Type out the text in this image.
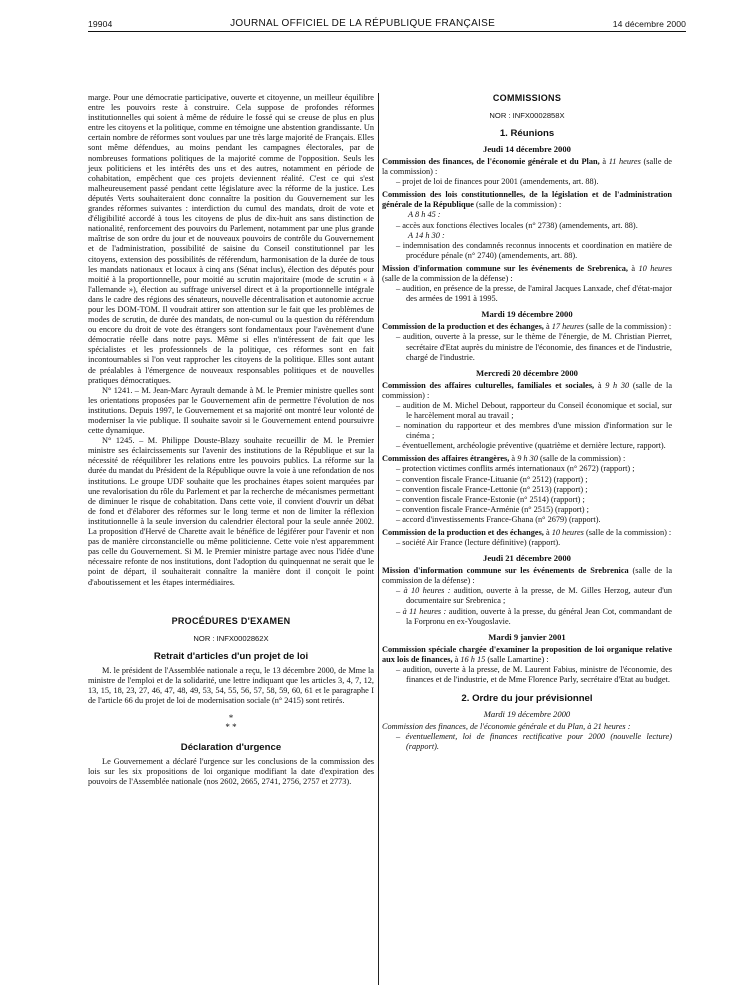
19904	JOURNAL OFFICIEL DE LA RÉPUBLIQUE FRANÇAISE	14 décembre 2000

marge. Pour une démocratie participative, ouverte et citoyenne, un meilleur équilibre entre les pouvoirs reste à construire. Cela suppose de profondes réformes institutionnelles qui soient à même de réduire le fossé qui se creuse de plus en plus entre les citoyens et la politique, comme en témoigne une abstention grandissante. Un certain nombre de réformes sont voulues par une très large majorité de Français. Elles sont même défendues, au moins pendant les campagnes électorales, par de nombreuses formations politiques de la majorité comme de l'opposition. Seuls les jeux politiciens et les intérêts des uns et des autres, notamment en période de cohabitation, empêchent que ces projets deviennent réalité. C'est ce qui s'est malheureusement passé pendant cette législature avec la réforme de la justice. Les députés Verts souhaiteraient donc connaître la position du Gouvernement sur les grandes réformes suivantes : interdiction du cumul des mandats, droit de vote et d'éligibilité accordé à tous les citoyens de plus de dix-huit ans sans distinction de nationalité, renforcement des pouvoirs du Parlement, notamment par une plus grande maîtrise de son ordre du jour et de nouveaux pouvoirs de contrôle du Gouvernement et de l'administration, possibilité de saisine du Conseil constitutionnel par les citoyens, extension des possibilités de référendum, harmonisation de la durée de tous les mandats nationaux et locaux à cinq ans (Sénat inclus), élection des députés pour moitié à la proportionnelle, pour moitié au scrutin majoritaire (mode de scrutin « à l'allemande »), élection au suffrage universel direct et à la proportionnelle intégrale dans le cadre des régions des sénateurs, nouvelle décentralisation et autonomie accrue pour les DOM-TOM. Il voudrait attirer son attention sur le fait que les problèmes de modes de scrutin, de durée des mandats, de non-cumul ou la question du référendum ou encore du droit de vote des étrangers sont fondamentaux pour l'avènement d'une démocratie réelle dans notre pays. Même si elles n'intéressent de fait que les spécialistes et les professionnels de la politique, ces réformes sont en fait incontournables si l'on veut rapprocher les citoyens de la politique. Elles sont autant de préalables à l'émergence de nouveaux responsables politiques et de nouvelles pratiques démocratiques.

N° 1241. – M. Jean-Marc Ayrault demande à M. le Premier ministre quelles sont les orientations proposées par le Gouvernement afin de permettre l'évolution de nos institutions. Depuis 1997, le Gouvernement et sa majorité ont montré leur volonté de moderniser la vie publique. Il souhaite savoir si le Gouvernement entend poursuivre cette dynamique.

N° 1245. – M. Philippe Douste-Blazy souhaite recueillir de M. le Premier ministre ses éclaircissements sur l'avenir des institutions de la République et sur la nécessité de rééquilibrer les relations entre les pouvoirs publics. La réforme sur la durée du mandat du Président de la République ouvre la voie à une refondation de nos institutions. Le groupe UDF souhaite que les prochaines étapes soient marquées par une revalorisation du rôle du Parlement et par la recherche de mécanismes permettant de diminuer le risque de cohabitation. Dans cette voie, il convient d'ouvrir un débat de fond et d'élaborer des réformes sur le long terme et non de limiter la réflexion institutionnelle à la seule inversion du calendrier électoral pour la seule année 2002. La proposition d'Hervé de Charette avait le bénéfice de légiférer pour l'avenir et non pas de manière circonstancielle ou même politicienne. Cette voie n'est apparemment pas celle du Gouvernement. Si M. le Premier ministre partage avec nous l'idée d'une nécessaire refonte de nos institutions, dont l'adoption du quinquennat ne serait que le point de départ, il souhaiterait connaître la manière dont il conçoit le point d'aboutissement et les étapes intermédiaires.

PROCÉDURES D'EXAMEN
NOR : INFX0002862X
Retrait d'articles d'un projet de loi

M. le président de l'Assemblée nationale a reçu, le 13 décembre 2000, de Mme la ministre de l'emploi et de la solidarité, une lettre indiquant que les articles 3, 4, 7, 12, 13, 15, 18, 23, 27, 46, 47, 48, 49, 53, 54, 55, 56, 57, 58, 59, 60, 61 et le paragraphe I de l'article 66 du projet de loi de modernisation sociale (n° 2415) sont retirés.

*
* *
Déclaration d'urgence

Le Gouvernement a déclaré l'urgence sur les conclusions de la commission des lois sur les six propositions de loi organique modifiant la date d'expiration des pouvoirs de l'Assemblée nationale (nos 2602, 2665, 2741, 2756, 2757 et 2773).

COMMISSIONS
NOR : INFX0002858X
1. Réunions
Jeudi 14 décembre 2000

Commission des finances, de l'économie générale et du Plan, à 11 heures (salle de la commission) :

– projet de loi de finances pour 2001 (amendements, art. 88).

Commission des lois constitutionnelles, de la législation et de l'administration générale de la République (salle de la commission) :

A 8 h 45 :

– accès aux fonctions électives locales (n° 2738) (amendements, art. 88).

A 14 h 30 :

– indemnisation des condamnés reconnus innocents et coordination en matière de procédure pénale (n° 2740) (amendements, art. 88).

Mission d'information commune sur les événements de Srebrenica, à 10 heures (salle de la commission de la défense) :

– audition, en présence de la presse, de l'amiral Jacques Lanxade, chef d'état-major des armées de 1991 à 1995.

Mardi 19 décembre 2000

Commission de la production et des échanges, à 17 heures (salle de la commission) :

– audition, ouverte à la presse, sur le thème de l'énergie, de M. Christian Pierret, secrétaire d'Etat auprès du ministre de l'économie, des finances et de l'industrie, chargé de l'industrie.

Mercredi 20 décembre 2000

Commission des affaires culturelles, familiales et sociales, à 9 h 30 (salle de la commission) :

– audition de M. Michel Debout, rapporteur du Conseil économique et social, sur le harcèlement moral au travail ;

– nomination du rapporteur et des membres d'une mission d'information sur le cinéma ;

– éventuellement, archéologie préventive (quatrième et dernière lecture, rapport).

Commission des affaires étrangères, à 9 h 30 (salle de la commission) :

– protection victimes conflits armés internationaux (n° 2672) (rapport) ;

– convention fiscale France-Lituanie (n° 2512) (rapport) ;

– convention fiscale France-Lettonie (n° 2513) (rapport) ;

– convention fiscale France-Estonie (n° 2514) (rapport) ;

– convention fiscale France-Arménie (n° 2515) (rapport) ;

– accord d'investissements France-Ghana (n° 2679) (rapport).

Commission de la production et des échanges, à 10 heures (salle de la commission) :

– société Air France (lecture définitive) (rapport).

Jeudi 21 décembre 2000

Mission d'information commune sur les événements de Srebrenica (salle de la commission de la défense) :

– à 10 heures : audition, ouverte à la presse, de M. Gilles Herzog, auteur d'un documentaire sur Srebrenica ;

– à 11 heures : audition, ouverte à la presse, du général Jean Cot, commandant de la Forpronu en ex-Yougoslavie.

Mardi 9 janvier 2001

Commission spéciale chargée d'examiner la proposition de loi organique relative aux lois de finances, à 16 h 15 (salle Lamartine) :

– audition, ouverte à la presse, de M. Laurent Fabius, ministre de l'économie, des finances et de l'industrie, et de Mme Florence Parly, secrétaire d'Etat au budget.

2. Ordre du jour prévisionnel
Mardi 19 décembre 2000

Commission des finances, de l'économie générale et du Plan, à 21 heures :

– éventuellement, loi de finances rectificative pour 2000 (nouvelle lecture) (rapport).
